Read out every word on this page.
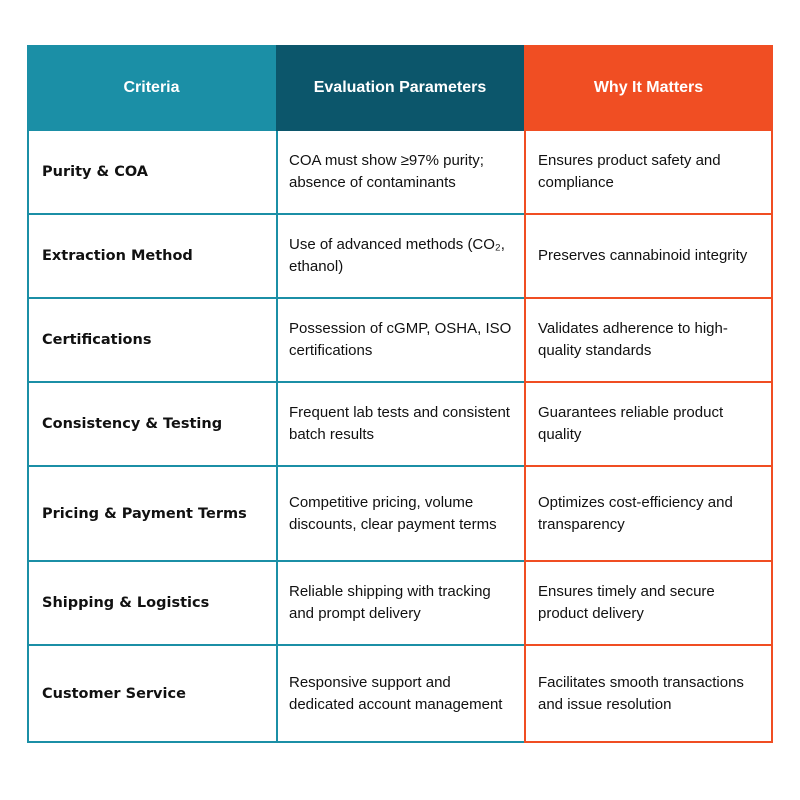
Criteria	Evaluation Parameters	Why It Matters
Purity & COA
COA must show ≥97% purity; absence of contaminants
Ensures product safety and compliance
Extraction Method
Use of advanced methods (CO₂, ethanol)
Preserves cannabinoid integrity
Certifications
Possession of cGMP, OSHA, ISO certifications
Validates adherence to high-quality standards
Consistency & Testing
Frequent lab tests and consistent batch results
Guarantees reliable product quality
Pricing & Payment Terms
Competitive pricing, volume discounts, clear payment terms
Optimizes cost-efficiency and transparency
Shipping & Logistics
Reliable shipping with tracking and prompt delivery
Ensures timely and secure product delivery
Customer Service
Responsive support and dedicated account management
Facilitates smooth transactions and issue resolution
